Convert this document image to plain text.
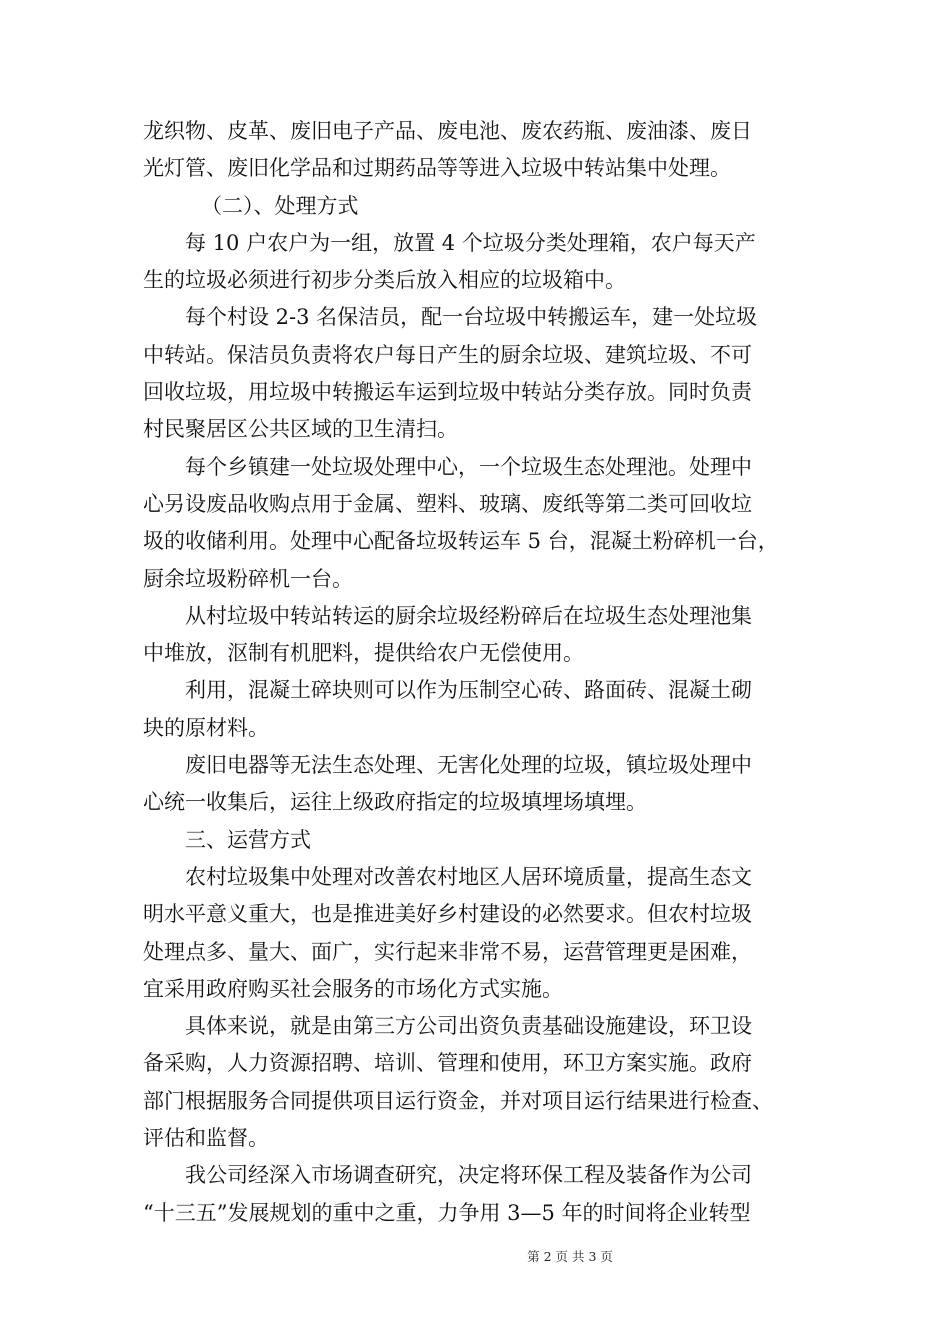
龙织物、皮革、废旧电子产品、废电池、废农药瓶、废油漆、废日
光灯管、废旧化学品和过期药品等等进入垃圾中转站集中处理。
（二）、处理方式
每 10 户农户为一组，放置 4 个垃圾分类处理箱，农户每天产
生的垃圾必须进行初步分类后放入相应的垃圾箱中。
每个村设 2-3 名保洁员，配一台垃圾中转搬运车，建一处垃圾
中转站。保洁员负责将农户每日产生的厨余垃圾、建筑垃圾、不可
回收垃圾，用垃圾中转搬运车运到垃圾中转站分类存放。同时负责
村民聚居区公共区域的卫生清扫。
每个乡镇建一处垃圾处理中心，一个垃圾生态处理池。处理中
心另设废品收购点用于金属、塑料、玻璃、废纸等第二类可回收垃
圾的收储利用。处理中心配备垃圾转运车 5 台，混凝土粉碎机一台，
厨余垃圾粉碎机一台。
从村垃圾中转站转运的厨余垃圾经粉碎后在垃圾生态处理池集
中堆放，沤制有机肥料，提供给农户无偿使用。
利用，混凝土碎块则可以作为压制空心砖、路面砖、混凝土砌
块的原材料。
废旧电器等无法生态处理、无害化处理的垃圾，镇垃圾处理中
心统一收集后，运往上级政府指定的垃圾填埋场填埋。
三、运营方式
农村垃圾集中处理对改善农村地区人居环境质量，提高生态文
明水平意义重大，也是推进美好乡村建设的必然要求。但农村垃圾
处理点多、量大、面广，实行起来非常不易，运营管理更是困难，
宜采用政府购买社会服务的市场化方式实施。
具体来说，就是由第三方公司出资负责基础设施建设，环卫设
备采购，人力资源招聘、培训、管理和使用，环卫方案实施。政府
部门根据服务合同提供项目运行资金，并对项目运行结果进行检查、
评估和监督。
我公司经深入市场调查研究，决定将环保工程及装备作为公司
“十三五”发展规划的重中之重，力争用 3—5 年的时间将企业转型
第 2 页 共 3 页
